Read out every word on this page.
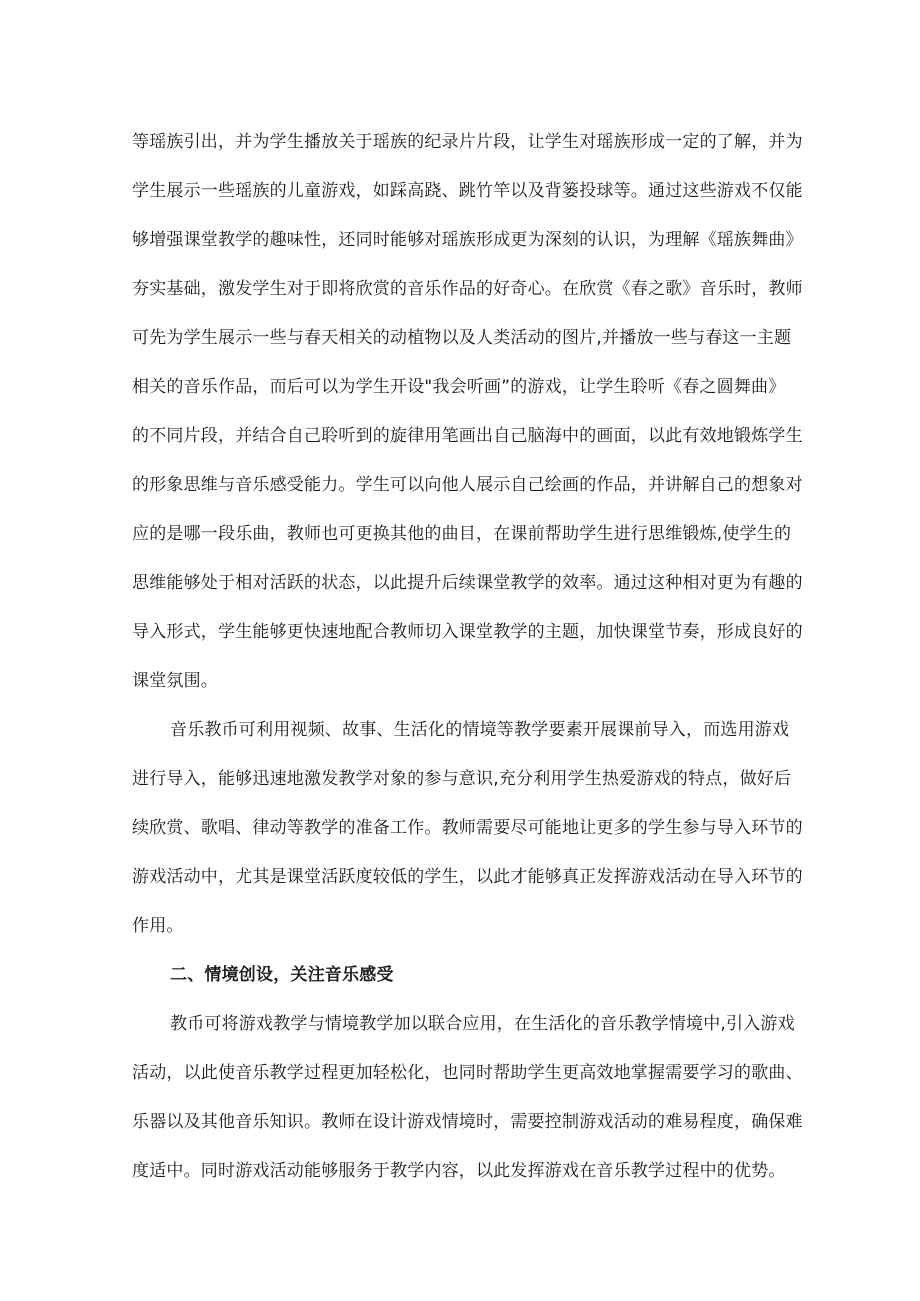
等瑶族引出，并为学生播放关于瑶族的纪录片片段，让学生对瑶族形成一定的了解，并为
学生展示一些瑶族的儿童游戏，如踩高跷、跳竹竿以及背篓投球等。通过这些游戏不仅能
够增强课堂教学的趣味性，还同时能够对瑶族形成更为深刻的认识，为理解《瑶族舞曲》
夯实基础，激发学生对于即将欣赏的音乐作品的好奇心。在欣赏《春之歌》音乐时，教师
可先为学生展示一些与春天相关的动植物以及人类活动的图片,并播放一些与春这一主题
相关的音乐作品，而后可以为学生开设"我会听画”的游戏，让学生聆听《春之圆舞曲》
的不同片段，并结合自己聆听到的旋律用笔画出自己脑海中的画面，以此有效地锻炼学生
的形象思维与音乐感受能力。学生可以向他人展示自己绘画的作品，并讲解自己的想象对
应的是哪一段乐曲，教师也可更换其他的曲目，在课前帮助学生进行思维锻炼,使学生的
思维能够处于相对活跃的状态，以此提升后续课堂教学的效率。通过这种相对更为有趣的
导入形式，学生能够更快速地配合教师切入课堂教学的主题，加快课堂节奏，形成良好的
课堂氛围。
音乐教币可利用视频、故事、生活化的情境等教学要素开展课前导入，而选用游戏
进行导入，能够迅速地激发教学对象的参与意识,充分利用学生热爱游戏的特点，做好后
续欣赏、歌唱、律动等教学的准备工作。教师需要尽可能地让更多的学生参与导入环节的
游戏活动中，尤其是课堂活跃度较低的学生，以此才能够真正发挥游戏活动在导入环节的
作用。
二、情境创设，关注音乐感受
教币可将游戏教学与情境教学加以联合应用，在生活化的音乐教学情境中,引入游戏
活动，以此使音乐教学过程更加轻松化，也同时帮助学生更高效地掌握需要学习的歌曲、
乐器以及其他音乐知识。教师在设计游戏情境时，需要控制游戏活动的难易程度，确保难
度适中。同时游戏活动能够服务于教学内容，以此发挥游戏在音乐教学过程中的优势。
